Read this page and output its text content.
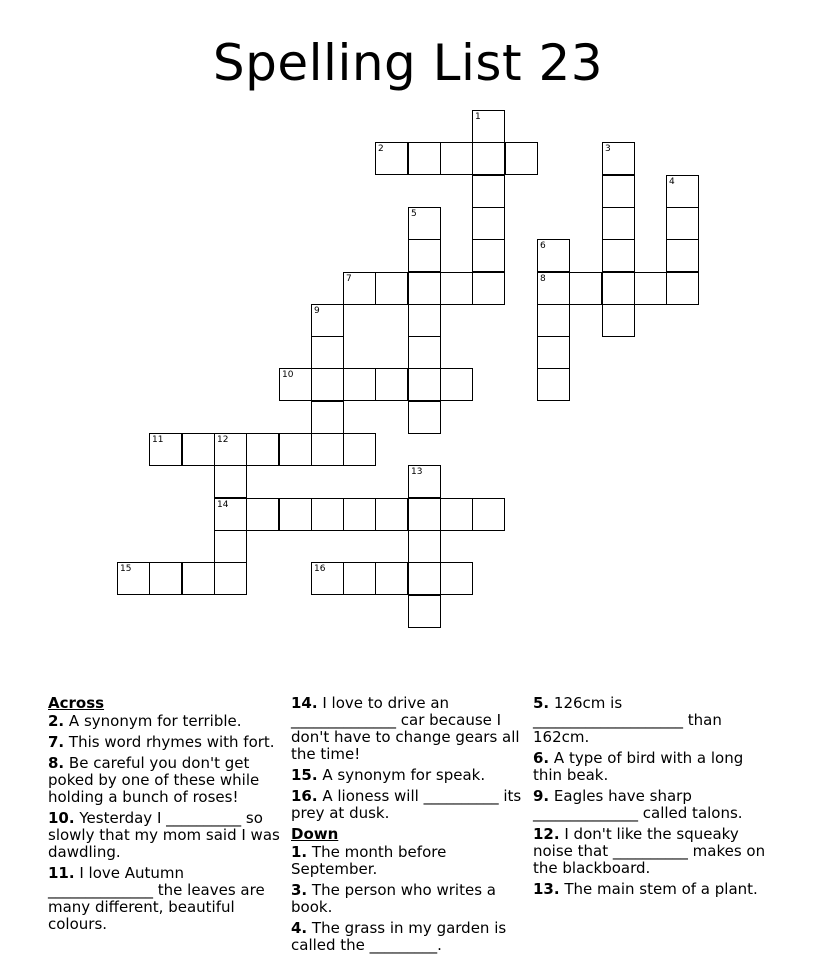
Spelling List 23
2
7	8
10
11	12
14
15	16
1
3
4
5
6
9
13
Across
2. A synonym for terrible.
7. This word rhymes with fort.
8. Be careful you don't get poked by one of these while holding a bunch of roses!
10. Yesterday I __________ so slowly that my mom said I was dawdling.
11. I love Autumn ______________ the leaves are many different, beautiful colours.
14. I love to drive an ______________ car because I don't have to change gears all the time!
15. A synonym for speak.
16. A lioness will __________ its prey at dusk.
Down
1. The month before September.
3. The person who writes a book.
4. The grass in my garden is called the _________.
5. 126cm is ____________________ than 162cm.
6. A type of bird with a long thin beak.
9. Eagles have sharp ______________ called talons.
12. I don't like the squeaky noise that __________ makes on the blackboard.
13. The main stem of a plant.
